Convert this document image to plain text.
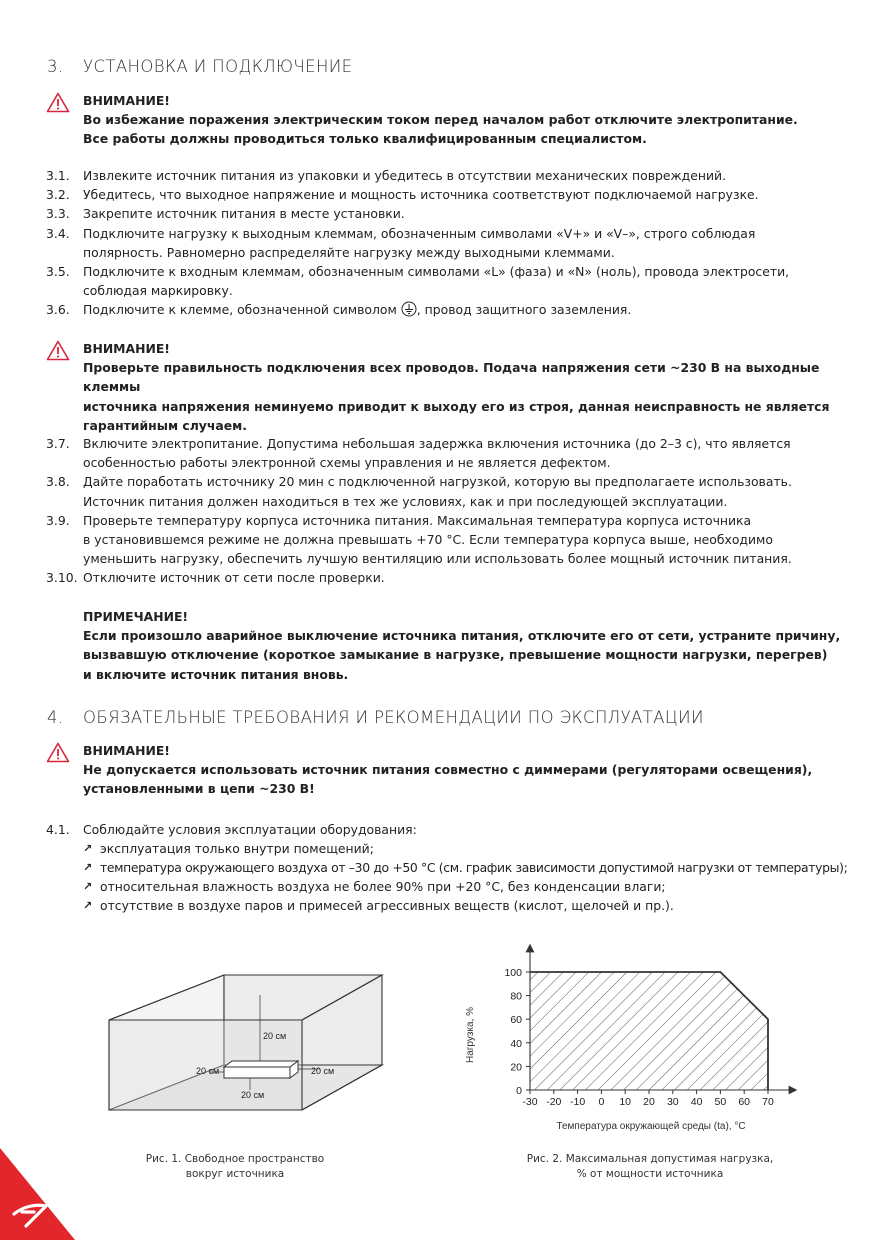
3. УСТАНОВКА И ПОДКЛЮЧЕНИЕ
ВНИМАНИЕ!
Во избежание поражения электрическим током перед началом работ отключите электропитание.
Все работы должны проводиться только квалифицированным специалистом.
3.1.	Извлеките источник питания из упаковки и убедитесь в отсутствии механических повреждений.
3.2.	Убедитесь, что выходное напряжение и мощность источника соответствуют подключаемой нагрузке.
3.3.	Закрепите источник питания в месте установки.
3.4.	Подключите нагрузку к выходным клеммам, обозначенным символами «V+» и «V–», строго соблюдая
полярность. Равномерно распределяйте нагрузку между выходными клеммами.
3.5.	Подключите к входным клеммам, обозначенным символами «L» (фаза) и «N» (ноль), провода электросети,
соблюдая маркировку.
3.6.	Подключите к клемме, обозначенной символом , провод защитного заземления.
ВНИМАНИЕ!
Проверьте правильность подключения всех проводов. Подача напряжения сети ~230 В на выходные клеммы
источника напряжения неминуемо приводит к выходу его из строя, данная неисправность не является
гарантийным случаем.
3.7.	Включите электропитание. Допустима небольшая задержка включения источника (до 2–3 с), что является
особенностью работы электронной схемы управления и не является дефектом.
3.8.	Дайте поработать источнику 20 мин с подключенной нагрузкой, которую вы предполагаете использовать.
Источник питания должен находиться в тех же условиях, как и при последующей эксплуатации.
3.9.	Проверьте температуру корпуса источника питания. Максимальная температура корпуса источника
в установившемся режиме не должна превышать +70 °С. Если температура корпуса выше, необходимо
уменьшить нагрузку, обеспечить лучшую вентиляцию или использовать более мощный источник питания.
3.10. Отключите источник от сети после проверки.
ПРИМЕЧАНИЕ!
Если произошло аварийное выключение источника питания, отключите его от сети, устраните причину,
вызвавшую отключение (короткое замыкание в нагрузке, превышение мощности нагрузки, перегрев)
и включите источник питания вновь.
4. ОБЯЗАТЕЛЬНЫЕ ТРЕБОВАНИЯ И РЕКОМЕНДАЦИИ ПО ЭКСПЛУАТАЦИИ
ВНИМАНИЕ!
Не допускается использовать источник питания совместно с диммерами (регуляторами освещения),
установленными в цепи ~230 В!
4.1.	Соблюдайте условия эксплуатации оборудования:
↗ эксплуатация только внутри помещений;
↗ температура окружающего воздуха от –30 до +50 °С (см. график зависимости допустимой нагрузки от температуры);
↗ относительная влажность воздуха не более 90% при +20 °С, без конденсации влаги;
↗ отсутствие в воздухе паров и примесей агрессивных веществ (кислот, щелочей и пр.).
20 см
20 см	20 см
20 см
Рис. 1. Свободное пространство
вокруг источника
-30 -20 -10 0 10 20 30 40 50 60 70
0
20
40
60
80
100
Нагрузка, %
Температура окружающей среды (ta), °С
Рис. 2. Максимальная допустимая нагрузка,
% от мощности источника
